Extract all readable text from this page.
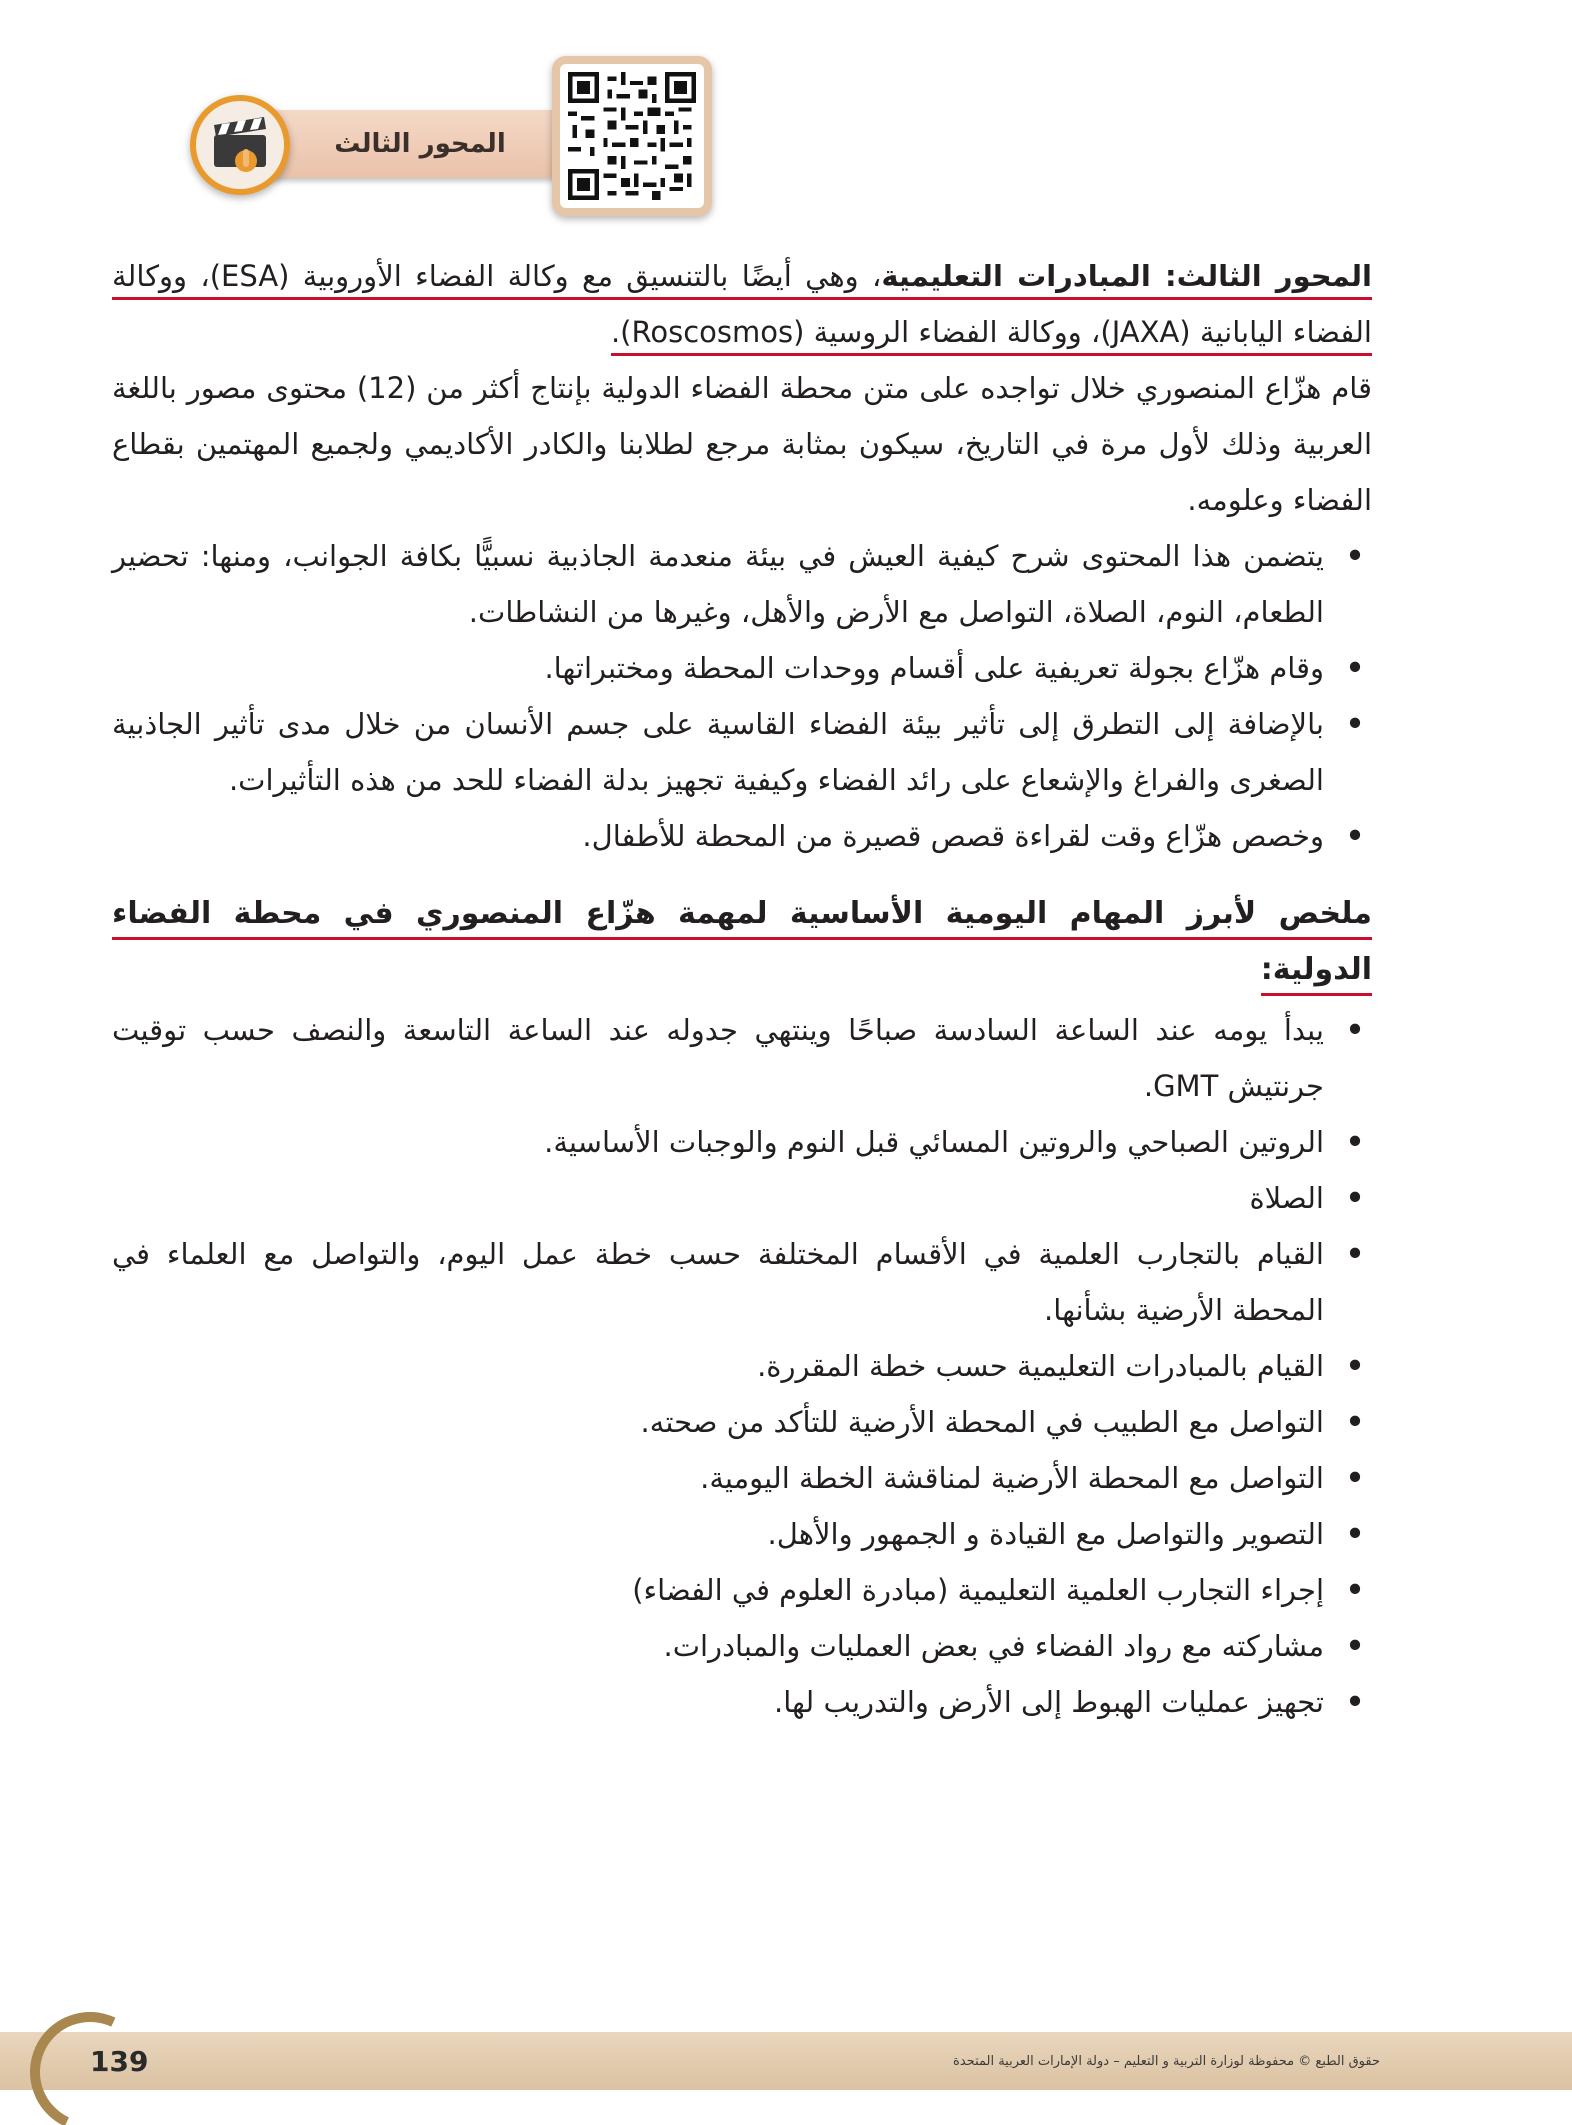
المحور الثالث

المحور الثالث: المبادرات التعليمية، وهي أيضًا بالتنسيق مع وكالة الفضاء الأوروبية (ESA)، ووكالة الفضاء اليابانية (JAXA)، ووكالة الفضاء الروسية (Roscosmos).

قام هزّاع المنصوري خلال تواجده على متن محطة الفضاء الدولية بإنتاج أكثر من (12) محتوى مصور باللغة العربية وذلك لأول مرة في التاريخ، سيكون بمثابة مرجع لطلابنا والكادر الأكاديمي ولجميع المهتمين بقطاع الفضاء وعلومه.

•
يتضمن هذا المحتوى شرح كيفية العيش في بيئة منعدمة الجاذبية نسبيًّا بكافة الجوانب، ومنها: تحضير الطعام، النوم، الصلاة، التواصل مع الأرض والأهل، وغيرها من النشاطات.
•
وقام هزّاع بجولة تعريفية على أقسام ووحدات المحطة ومختبراتها.
•
بالإضافة إلى التطرق إلى تأثير بيئة الفضاء القاسية على جسم الأنسان من خلال مدى تأثير الجاذبية الصغرى والفراغ والإشعاع على رائد الفضاء وكيفية تجهيز بدلة الفضاء للحد من هذه التأثيرات.
•
وخصص هزّاع وقت لقراءة قصص قصيرة من المحطة للأطفال.
ملخص لأبرز المهام اليومية الأساسية لمهمة هزّاع المنصوري في محطة الفضاء الدولية:
•
يبدأ يومه عند الساعة السادسة صباحًا وينتهي جدوله عند الساعة التاسعة والنصف حسب توقيت جرنتيش GMT.
•
الروتين الصباحي والروتين المسائي قبل النوم والوجبات الأساسية.
•
الصلاة
•
القيام بالتجارب العلمية في الأقسام المختلفة حسب خطة عمل اليوم، والتواصل مع العلماء في المحطة الأرضية بشأنها.
•
القيام بالمبادرات التعليمية حسب خطة المقررة.
•
التواصل مع الطبيب في المحطة الأرضية للتأكد من صحته.
•
التواصل مع المحطة الأرضية لمناقشة الخطة اليومية.
•
التصوير والتواصل مع القيادة و الجمهور والأهل.
•
إجراء التجارب العلمية التعليمية (مبادرة العلوم في الفضاء)
•
مشاركته مع رواد الفضاء في بعض العمليات والمبادرات.
•
تجهيز عمليات الهبوط إلى الأرض والتدريب لها.
139	حقوق الطبع © محفوظة لوزارة التربية و التعليم – دولة الإمارات العربية المتحدة
